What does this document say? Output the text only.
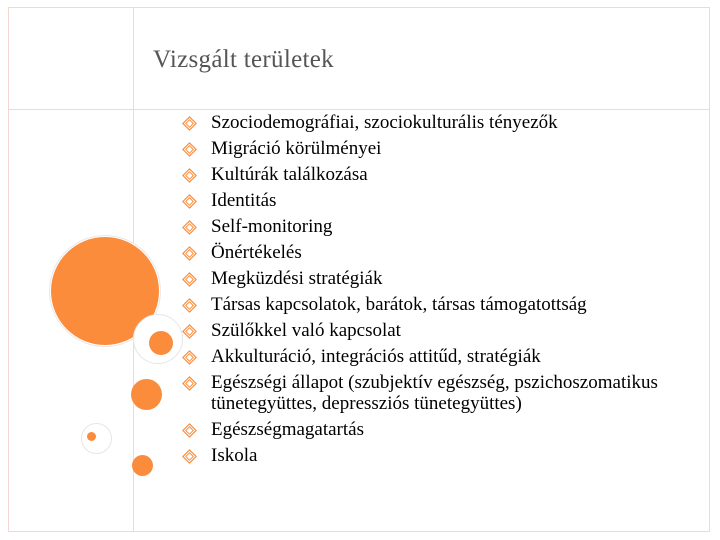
Vizsgált területek
Szociodemográfiai, szociokulturális tényezők
Migráció körülményei
Kultúrák találkozása
Identitás
Self-monitoring
Önértékelés
Megküzdési stratégiák
Társas kapcsolatok, barátok, társas támogatottság
Szülőkkel való kapcsolat
Akkulturáció, integrációs attitűd, stratégiák
Egészségi állapot (szubjektív egészség, pszichoszomatikus tünetegyüttes, depressziós tünetegyüttes)
Egészségmagatartás
Iskola
